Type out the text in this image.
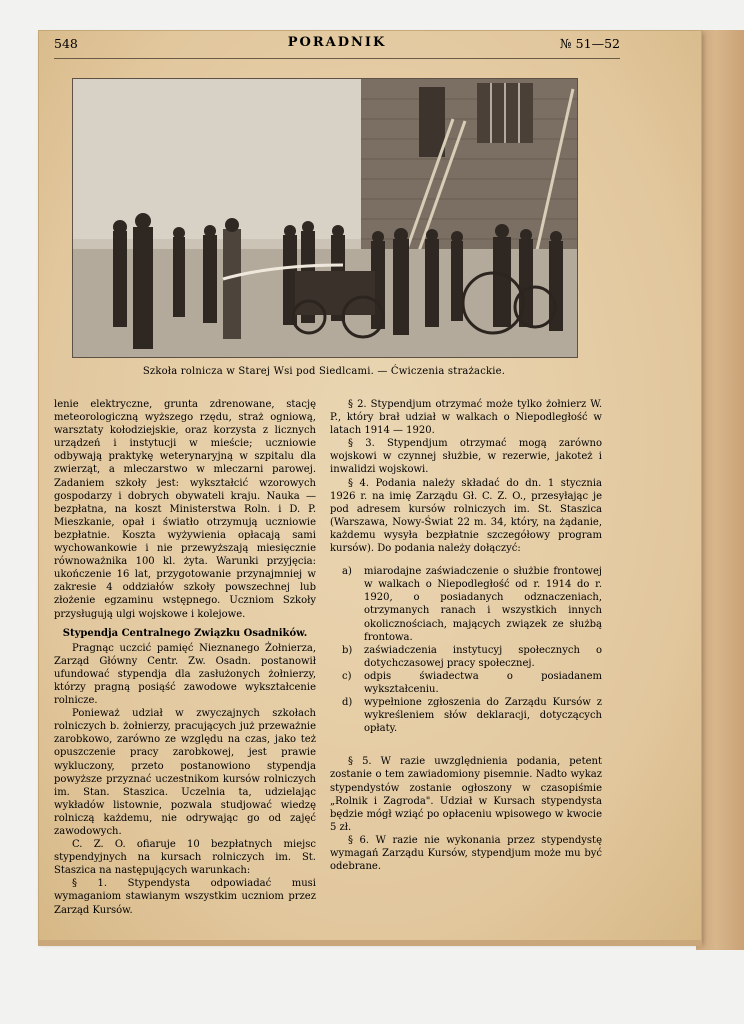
548	PORADNIK	№ 51—52
Szkoła rolnicza w Starej Wsi pod Siedlcami. — Ćwiczenia strażackie.

lenie elektryczne, grunta zdrenowane, stację meteorologiczną wyższego rzędu, straż ogniową, warsztaty kołodziejskie, oraz korzysta z licznych urządzeń i instytucji w mieście; uczniowie odbywają praktykę weterynaryjną w szpitalu dla zwierząt, a mleczarstwo w mleczarni parowej. Zadaniem szkoły jest: wykształcić wzorowych gospodarzy i dobrych obywateli kraju. Nauka — bezpłatna, na koszt Ministerstwa Roln. i D. P. Mieszkanie, opał i światło otrzymują uczniowie bezpłatnie. Koszta wyżywienia opłacają sami wychowankowie i nie przewyższają miesięcznie równoważnika 100 kl. żyta. Warunki przyjęcia: ukończenie 16 lat, przygotowanie przynajmniej w zakresie 4 oddziałów szkoły powszechnej lub złożenie egzaminu wstępnego. Uczniom Szkoły przysługują ulgi wojskowe i kolejowe.

Stypendja Centralnego Związku Osadników.

Pragnąc uczcić pamięć Nieznanego Żołnierza, Zarząd Główny Centr. Zw. Osadn. postanowił ufundować stypendja dla zasłużonych żołnierzy, którzy pragną posiąść zawodowe wykształcenie rolnicze.

Ponieważ udział w zwyczajnych szkołach rolniczych b. żołnierzy, pracujących już przeważnie zarobkowo, zarówno ze względu na czas, jako też opuszczenie pracy zarobkowej, jest prawie wykluczony, przeto postanowiono stypendja powyższe przyznać uczestnikom kursów rolniczych im. Stan. Staszica. Uczelnia ta, udzielając wykładów listownie, pozwala studjować wiedzę rolniczą każdemu, nie odrywając go od zajęć zawodowych.

C. Z. O. ofiaruje 10 bezpłatnych miejsc stypendyjnych na kursach rolniczych im. St. Staszica na następujących warunkach:

§ 1. Stypendysta odpowiadać musi wymaganiom stawianym wszystkim uczniom przez Zarząd Kursów.

§ 2. Stypendjum otrzymać może tylko żołnierz W. P., który brał udział w walkach o Niepodległość w latach 1914 — 1920.

§ 3. Stypendjum otrzymać mogą zarówno wojskowi w czynnej służbie, w rezerwie, jakoteż i inwalidzi wojskowi.

§ 4. Podania należy składać do dn. 1 stycznia 1926 r. na imię Zarządu Gł. C. Z. O., przesyłając je pod adresem kursów rolniczych im. St. Staszica (Warszawa, Nowy-Świat 22 m. 34, który, na żądanie, każdemu wysyła bezpłatnie szczegółowy program kursów). Do podania należy dołączyć:

a) miarodajne zaświadczenie o służbie frontowej w walkach o Niepodległość od r. 1914 do r. 1920, o posiadanych odznaczeniach, otrzymanych ranach i wszystkich innych okolicznościach, mających związek ze służbą frontowa.
b) zaświadczenia instytucyj społecznych o dotychczasowej pracy społecznej.
c) odpis świadectwa o posiadanem wykształceniu.
d) wypełnione zgłoszenia do Zarządu Kursów z wykreśleniem słów deklaracji, dotyczących opłaty.

§ 5. W razie uwzględnienia podania, petent zostanie o tem zawiadomiony pisemnie. Nadto wykaz stypendystów zostanie ogłoszony w czasopiśmie „Rolnik i Zagroda". Udział w Kursach stypendysta będzie mógł wziąć po opłaceniu wpisowego w kwocie 5 zł.

§ 6. W razie nie wykonania przez stypendystę wymagań Zarządu Kursów, stypendjum może mu być odebrane.
